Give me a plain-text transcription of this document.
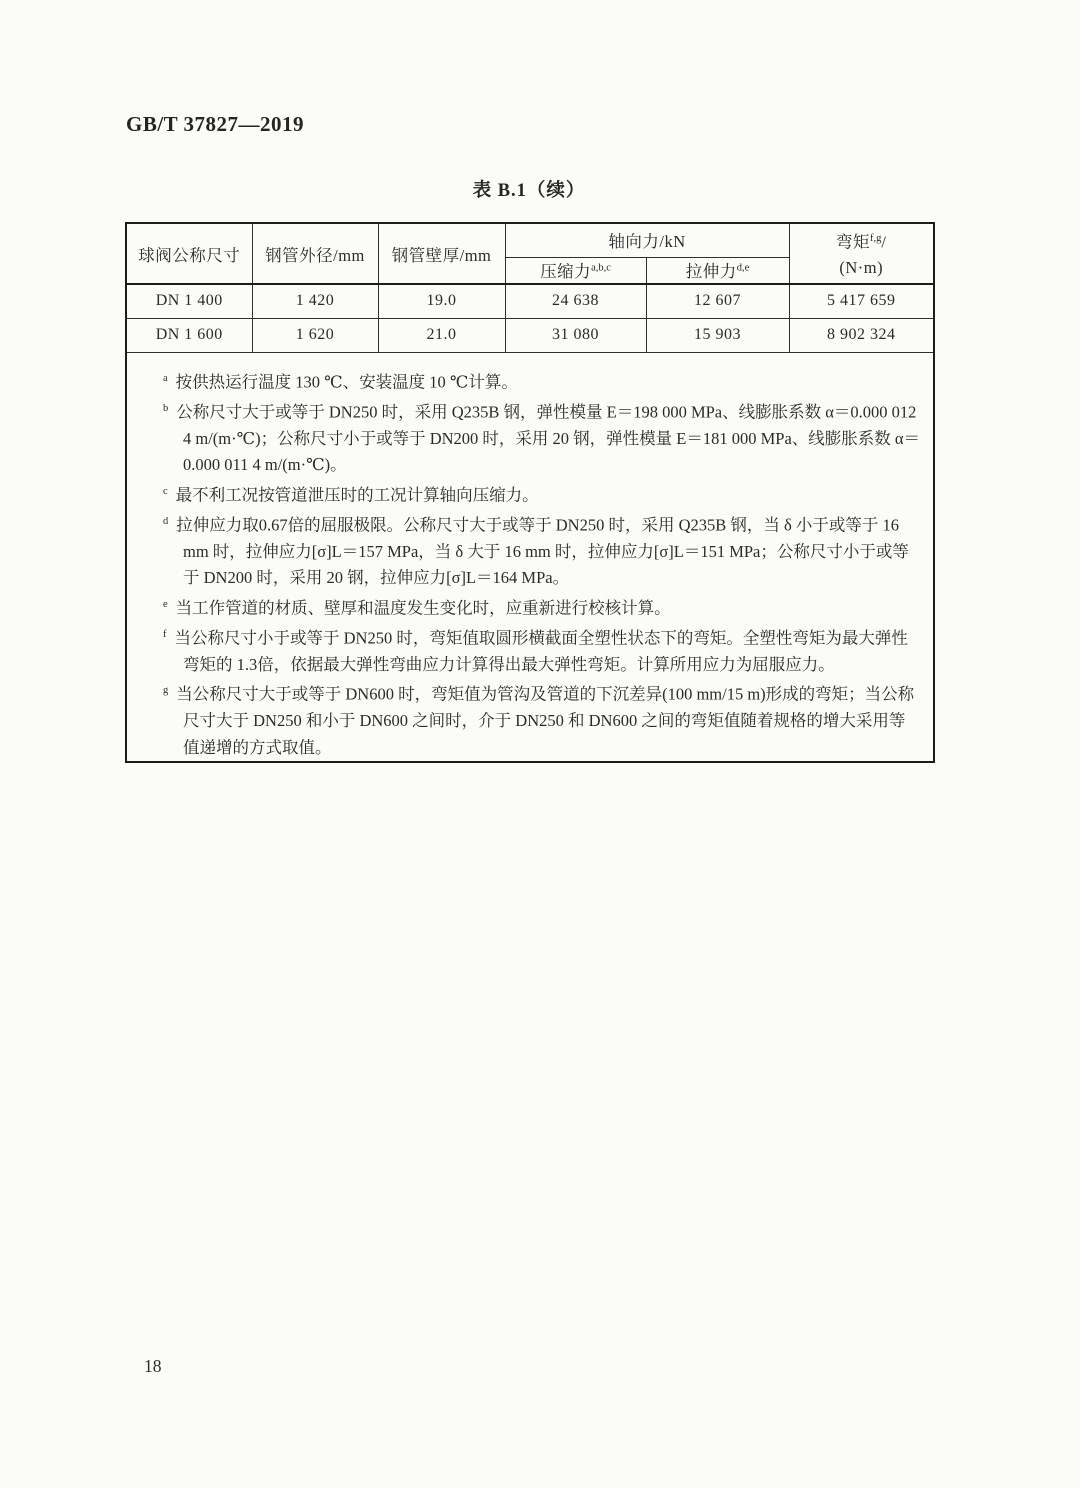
GB/T 37827—2019
表 B.1（续）
球阀公称尺寸	钢管外径/mm	钢管壁厚/mm	轴向力/kN		弯矩$^{f,g}$/
(N·m)

			压缩力$^{a,b,c}$	拉伸力$^{d,e}$
DN 1 400	1 420	19.0	24 638	12 607	5 417 659
DN 1 600	1 620	21.0	31 080	15 903	8 902 324

$^a$ 按供热运行温度 130 ℃、安装温度 10 ℃计算。
$^b$ 公称尺寸大于或等于 DN250 时，采用 Q235B 钢，弹性模量 E＝198 000 MPa、线膨胀系数 α＝0.000 012 4 m/(m·℃)；公称尺寸小于或等于 DN200 时，采用 20 钢，弹性模量 E＝181 000 MPa、线膨胀系数 α＝0.000 011 4 m/(m·℃)。
$^c$ 最不利工况按管道泄压时的工况计算轴向压缩力。
$^d$ 拉伸应力取0.67倍的屈服极限。公称尺寸大于或等于 DN250 时，采用 Q235B 钢，当 δ 小于或等于 16 mm 时，拉伸应力[σ]L＝157 MPa，当 δ 大于 16 mm 时，拉伸应力[σ]L＝151 MPa；公称尺寸小于或等于 DN200 时，采用 20 钢，拉伸应力[σ]L＝164 MPa。
$^e$ 当工作管道的材质、壁厚和温度发生变化时，应重新进行校核计算。
$^f$ 当公称尺寸小于或等于 DN250 时，弯矩值取圆形横截面全塑性状态下的弯矩。全塑性弯矩为最大弹性弯矩的 1.3倍，依据最大弹性弯曲应力计算得出最大弹性弯矩。计算所用应力为屈服应力。
$^g$ 当公称尺寸大于或等于 DN600 时，弯矩值为管沟及管道的下沉差异(100 mm/15 m)形成的弯矩；当公称尺寸大于 DN250 和小于 DN600 之间时，介于 DN250 和 DN600 之间的弯矩值随着规格的增大采用等值递增的方式取值。
18
